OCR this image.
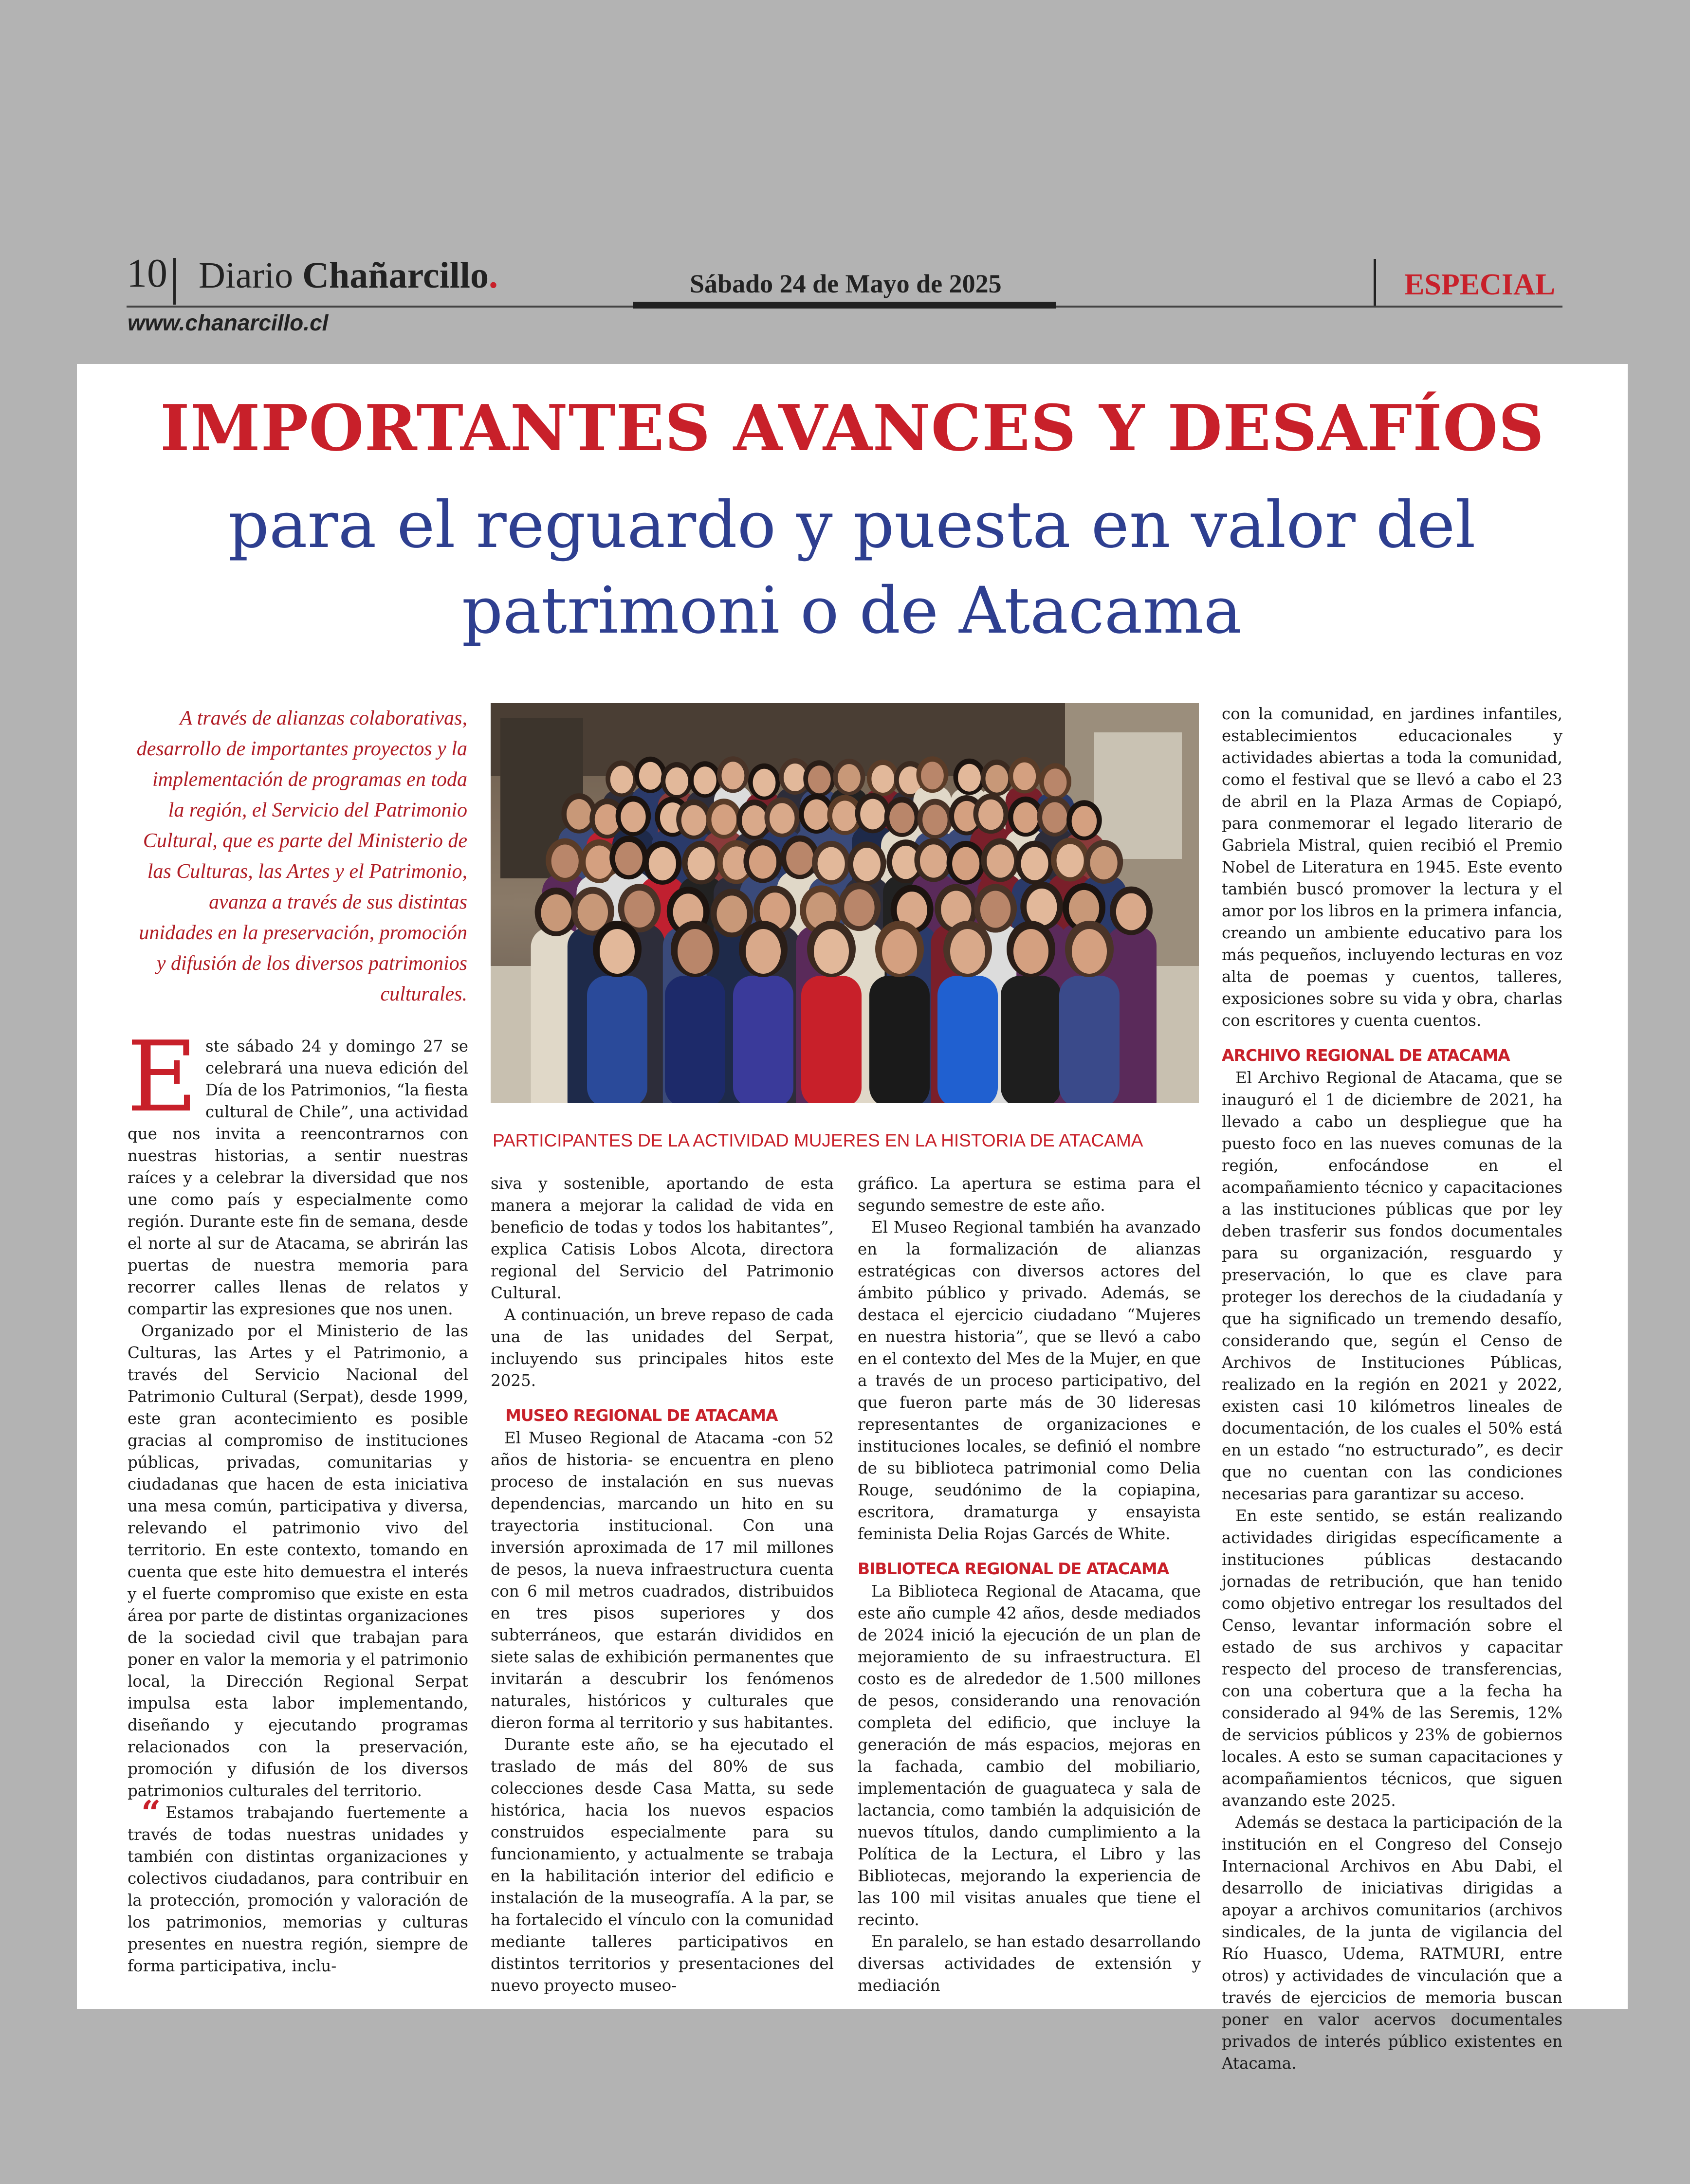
10 Diario Chañarcillo.	Sábado 24 de Mayo de 2025	ESPECIAL
www.chanarcillo.cl
IMPORTANTES AVANCES Y DESAFÍOS
para el reguardo y puesta en valor del patrimoni o de Atacama
A través de alianzas colaborativas, desarrollo de importantes proyectos y la implementación de programas en toda la región, el Servicio del Patrimonio Cultural, que es parte del Ministerio de las Culturas, las Artes y el Patrimonio, avanza a través de sus distintas unidades en la preservación, promoción y difusión de los diversos patrimonios culturales.

Este sábado 24 y domingo 27 se celebrará una nueva edición del Día de los Patrimonios, “la fiesta cultural de Chile”, una actividad que nos invita a reencontrarnos con nuestras historias, a sentir nuestras raíces y a celebrar la diversidad que nos une como país y especialmente como región. Durante este fin de semana, desde el norte al sur de Atacama, se abrirán las puertas de nuestra memoria para recorrer calles llenas de relatos y compartir las expresiones que nos unen.

Organizado por el Ministerio de las Culturas, las Artes y el Patrimonio, a través del Servicio Nacional del Patrimonio Cultural (Serpat), desde 1999, este gran acontecimiento es posible gracias al compromiso de instituciones públicas, privadas, comunitarias y ciudadanas que hacen de esta iniciativa una mesa común, participativa y diversa, relevando el patrimonio vivo del territorio. En este contexto, tomando en cuenta que este hito demuestra el interés y el fuerte compromiso que existe en esta área por parte de distintas organizaciones de la sociedad civil que trabajan para poner en valor la memoria y el patrimonio local, la Dirección Regional Serpat impulsa esta labor implementando, diseñando y ejecutando programas relacionados con la preservación, promoción y difusión de los diversos patrimonios culturales del territorio.

“ Estamos trabajando fuertemente a través de todas nuestras unidades y también con distintas organizaciones y colectivos ciudadanos, para contribuir en la protección, promoción y valoración de los patrimonios, memorias y culturas presentes en nuestra región, siempre de forma participativa, inclu-

PARTICIPANTES DE LA ACTIVIDAD MUJERES EN LA HISTORIA DE ATACAMA

siva y sostenible, aportando de esta manera a mejorar la calidad de vida en beneficio de todas y todos los habitantes”, explica Catisis Lobos Alcota, directora regional del Servicio del Patrimonio Cultural.

A continuación, un breve repaso de cada una de las unidades del Serpat, incluyendo sus principales hitos este 2025.

MUSEO REGIONAL DE ATACAMA

El Museo Regional de Atacama -con 52 años de historia- se encuentra en pleno proceso de instalación en sus nuevas dependencias, marcando un hito en su trayectoria institucional. Con una inversión aproximada de 17 mil millones de pesos, la nueva infraestructura cuenta con 6 mil metros cuadrados, distribuidos en tres pisos superiores y dos subterráneos, que estarán divididos en siete salas de exhibición permanentes que invitarán a descubrir los fenómenos naturales, históricos y culturales que dieron forma al territorio y sus habitantes.

Durante este año, se ha ejecutado el traslado de más del 80% de sus colecciones desde Casa Matta, su sede histórica, hacia los nuevos espacios construidos especialmente para su funcionamiento, y actualmente se trabaja en la habilitación interior del edificio e instalación de la museografía. A la par, se ha fortalecido el vínculo con la comunidad mediante talleres participativos en distintos territorios y presentaciones del nuevo proyecto museo-

gráfico. La apertura se estima para el segundo semestre de este año.

El Museo Regional también ha avanzado en la formalización de alianzas estratégicas con diversos actores del ámbito público y privado. Además, se destaca el ejercicio ciudadano “Mujeres en nuestra historia”, que se llevó a cabo en el contexto del Mes de la Mujer, en que a través de un proceso participativo, del que fueron parte más de 30 lideresas representantes de organizaciones e instituciones locales, se definió el nombre de su biblioteca patrimonial como Delia Rouge, seudónimo de la copiapina, escritora, dramaturga y ensayista feminista Delia Rojas Garcés de White.

BIBLIOTECA REGIONAL DE ATACAMA

La Biblioteca Regional de Atacama, que este año cumple 42 años, desde mediados de 2024 inició la ejecución de un plan de mejoramiento de su infraestructura. El costo es de alrededor de 1.500 millones de pesos, considerando una renovación completa del edificio, que incluye la generación de más espacios, mejoras en la fachada, cambio del mobiliario, implementación de guaguateca y sala de lactancia, como también la adquisición de nuevos títulos, dando cumplimiento a la Política de la Lectura, el Libro y las Bibliotecas, mejorando la experiencia de las 100 mil visitas anuales que tiene el recinto.

En paralelo, se han estado desarrollando diversas actividades de extensión y mediación

con la comunidad, en jardines infantiles, establecimientos educacionales y actividades abiertas a toda la comunidad, como el festival que se llevó a cabo el 23 de abril en la Plaza Armas de Copiapó, para conmemorar el legado literario de Gabriela Mistral, quien recibió el Premio Nobel de Literatura en 1945. Este evento también buscó promover la lectura y el amor por los libros en la primera infancia, creando un ambiente educativo para los más pequeños, incluyendo lecturas en voz alta de poemas y cuentos, talleres, exposiciones sobre su vida y obra, charlas con escritores y cuenta cuentos.

ARCHIVO REGIONAL DE ATACAMA

El Archivo Regional de Atacama, que se inauguró el 1 de diciembre de 2021, ha llevado a cabo un despliegue que ha puesto foco en las nueves comunas de la región, enfocándose en el acompañamiento técnico y capacitaciones a las instituciones públicas que por ley deben trasferir sus fondos documentales para su organización, resguardo y preservación, lo que es clave para proteger los derechos de la ciudadanía y que ha significado un tremendo desafío, considerando que, según el Censo de Archivos de Instituciones Públicas, realizado en la región en 2021 y 2022, existen casi 10 kilómetros lineales de documentación, de los cuales el 50% está en un estado “no estructurado”, es decir que no cuentan con las condiciones necesarias para garantizar su acceso.

En este sentido, se están realizando actividades dirigidas específicamente a instituciones públicas destacando jornadas de retribución, que han tenido como objetivo entregar los resultados del Censo, levantar información sobre el estado de sus archivos y capacitar respecto del proceso de transferencias, con una cobertura que a la fecha ha considerado al 94% de las Seremis, 12% de servicios públicos y 23% de gobiernos locales. A esto se suman capacitaciones y acompañamientos técnicos, que siguen avanzando este 2025.

Además se destaca la participación de la institución en el Congreso del Consejo Internacional Archivos en Abu Dabi, el desarrollo de iniciativas dirigidas a apoyar a archivos comunitarios (archivos sindicales, de la junta de vigilancia del Río Huasco, Udema, RATMURI, entre otros) y actividades de vinculación que a través de ejercicios de memoria buscan poner en valor acervos documentales privados de interés público existentes en Atacama.
